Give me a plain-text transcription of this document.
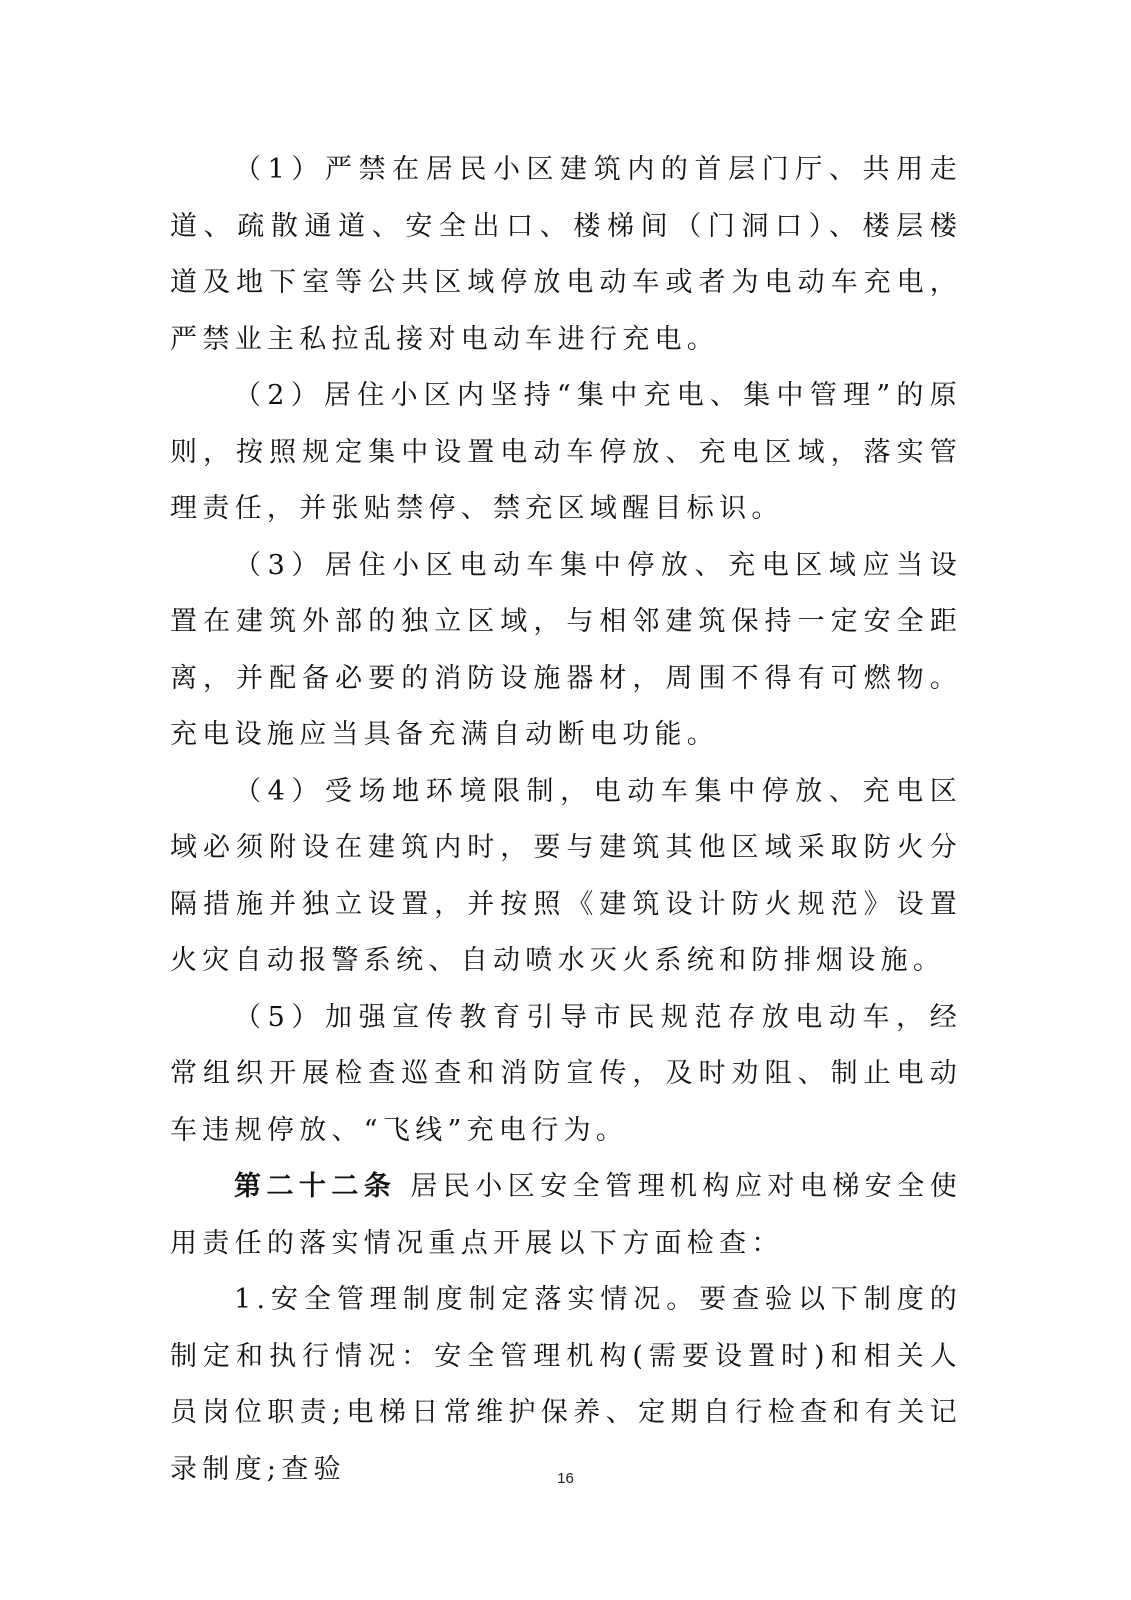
（1）严禁在居民小区建筑内的首层门厅、共用走道、疏散通道、安全出口、楼梯间（门洞口）、楼层楼道及地下室等公共区域停放电动车或者为电动车充电，严禁业主私拉乱接对电动车进行充电。

（2）居住小区内坚持“集中充电、集中管理”的原则，按照规定集中设置电动车停放、充电区域，落实管理责任，并张贴禁停、禁充区域醒目标识。

（3）居住小区电动车集中停放、充电区域应当设置在建筑外部的独立区域，与相邻建筑保持一定安全距离，并配备必要的消防设施器材，周围不得有可燃物。充电设施应当具备充满自动断电功能。

（4）受场地环境限制，电动车集中停放、充电区域必须附设在建筑内时，要与建筑其他区域采取防火分隔措施并独立设置，并按照《建筑设计防火规范》设置火灾自动报警系统、自动喷水灭火系统和防排烟设施。

（5）加强宣传教育引导市民规范存放电动车，经常组织开展检查巡查和消防宣传，及时劝阻、制止电动车违规停放、“飞线”充电行为。

第二十二条 居民小区安全管理机构应对电梯安全使用责任的落实情况重点开展以下方面检查：

1.安全管理制度制定落实情况。要查验以下制度的制定和执行情况：安全管理机构(需要设置时)和相关人员岗位职责;电梯日常维护保养、定期自行检查和有关记录制度;查验	16
